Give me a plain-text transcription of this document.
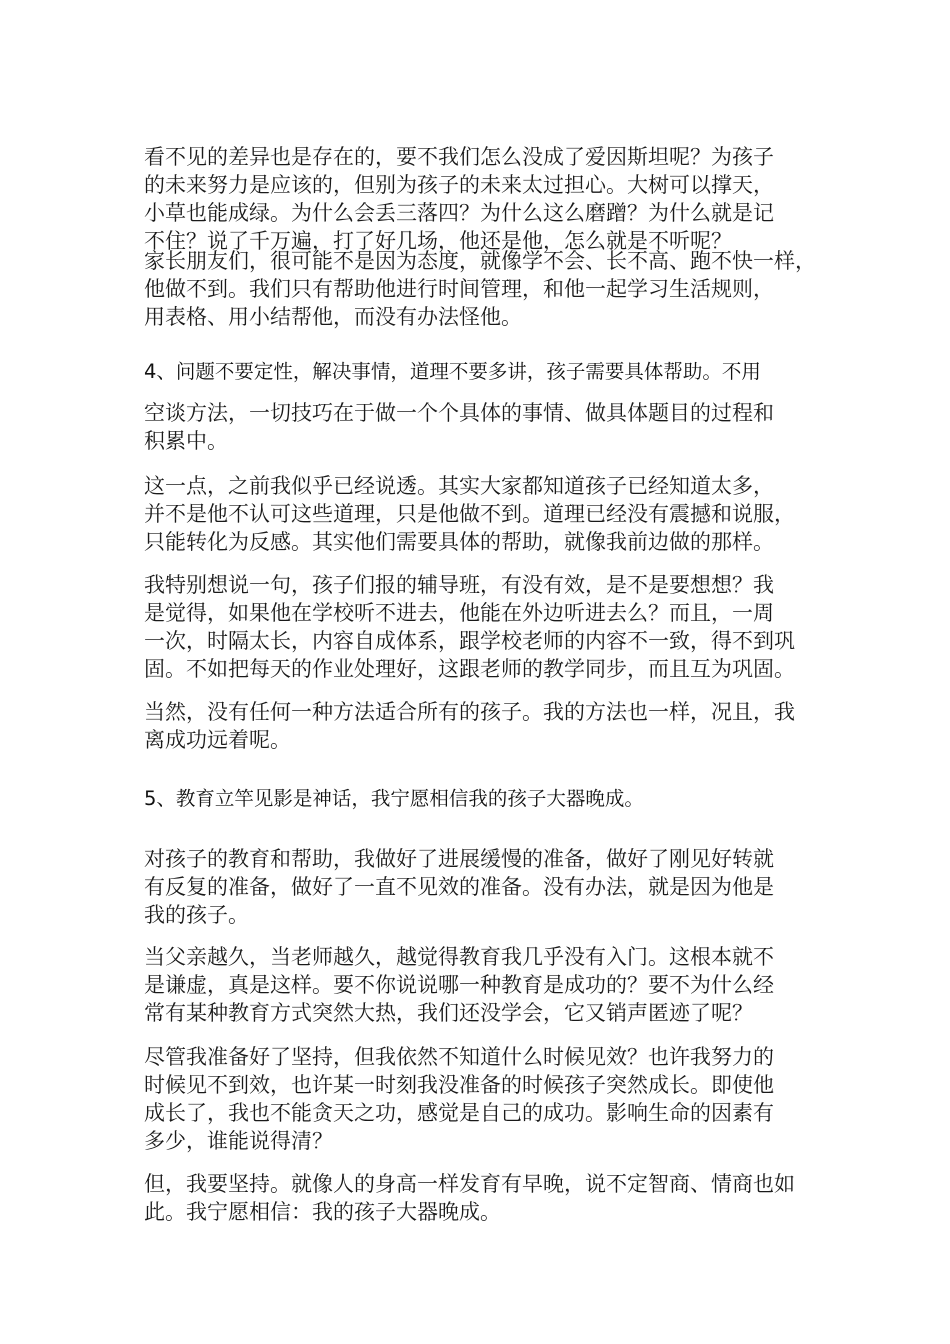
看不见的差异也是存在的，要不我们怎么没成了爱因斯坦呢？为孩子
的未来努力是应该的，但别为孩子的未来太过担心。大树可以撑天，
小草也能成绿。为什么会丢三落四？为什么这么磨蹭？为什么就是记
不住？说了千万遍，打了好几场，他还是他，怎么就是不听呢？
家长朋友们，很可能不是因为态度，就像学不会、长不高、跑不快一样，
他做不到。我们只有帮助他进行时间管理，和他一起学习生活规则，
用表格、用小结帮他，而没有办法怪他。
4、问题不要定性，解决事情，道理不要多讲，孩子需要具体帮助。不用
空谈方法，一切技巧在于做一个个具体的事情、做具体题目的过程和
积累中。
这一点，之前我似乎已经说透。其实大家都知道孩子已经知道太多，
并不是他不认可这些道理，只是他做不到。道理已经没有震撼和说服，
只能转化为反感。其实他们需要具体的帮助，就像我前边做的那样。
我特别想说一句，孩子们报的辅导班，有没有效，是不是要想想？我
是觉得，如果他在学校听不进去，他能在外边听进去么？而且，一周
一次，时隔太长，内容自成体系，跟学校老师的内容不一致，得不到巩
固。不如把每天的作业处理好，这跟老师的教学同步，而且互为巩固。
当然，没有任何一种方法适合所有的孩子。我的方法也一样，况且，我
离成功远着呢。
5、教育立竿见影是神话，我宁愿相信我的孩子大器晚成。
对孩子的教育和帮助，我做好了进展缓慢的准备，做好了刚见好转就
有反复的准备，做好了一直不见效的准备。没有办法，就是因为他是
我的孩子。
当父亲越久，当老师越久，越觉得教育我几乎没有入门。这根本就不
是谦虚，真是这样。要不你说说哪一种教育是成功的？要不为什么经
常有某种教育方式突然大热，我们还没学会，它又销声匿迹了呢？
尽管我准备好了坚持，但我依然不知道什么时候见效？也许我努力的
时候见不到效，也许某一时刻我没准备的时候孩子突然成长。即使他
成长了，我也不能贪天之功，感觉是自己的成功。影响生命的因素有
多少，谁能说得清？
但，我要坚持。就像人的身高一样发育有早晚，说不定智商、情商也如
此。我宁愿相信：我的孩子大器晚成。
